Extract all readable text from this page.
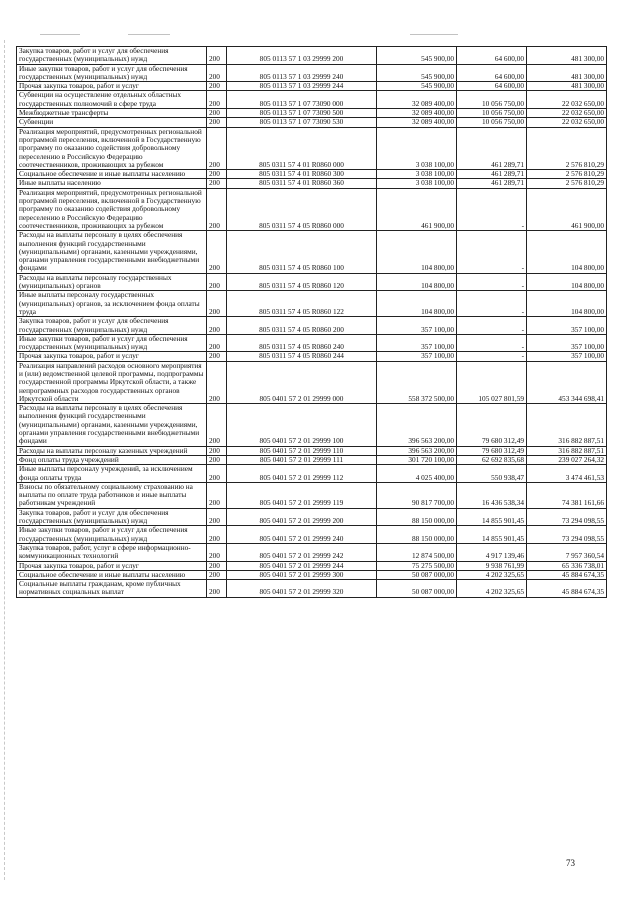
Закупка товаров, работ и услуг для обеспечения государственных (муниципальных) нужд	200	805 0113 57 1 03 29999 200	545 900,00	64 600,00	481 300,00
Иные закупки товаров, работ и услуг для обеспечения государственных (муниципальных) нужд	200	805 0113 57 1 03 29999 240	545 900,00	64 600,00	481 300,00
Прочая закупка товаров, работ и услуг	200	805 0113 57 1 03 29999 244	545 900,00	64 600,00	481 300,00
Субвенции на осуществление отдельных областных государственных полномочий в сфере труда	200	805 0113 57 1 07 73090 000	32 089 400,00	10 056 750,00	22 032 650,00
Межбюджетные трансферты	200	805 0113 57 1 07 73090 500	32 089 400,00	10 056 750,00	22 032 650,00
Субвенции	200	805 0113 57 1 07 73090 530	32 089 400,00	10 056 750,00	22 032 650,00
Реализация мероприятий, предусмотренных региональной программой переселения, включенной в Государственную программу по оказанию содействия добровольному переселению в Российскую Федерацию соотечественников, проживающих за рубежом	200	805 0311 57 4 01 R0860 000	3 038 100,00	461 289,71	2 576 810,29
Социальное обеспечение и иные выплаты населению	200	805 0311 57 4 01 R0860 300	3 038 100,00	461 289,71	2 576 810,29
Иные выплаты населению	200	805 0311 57 4 01 R0860 360	3 038 100,00	461 289,71	2 576 810,29
Реализация мероприятий, предусмотренных региональной программой переселения, включенной в Государственную программу по оказанию содействия добровольному переселению в Российскую Федерацию соотечественников, проживающих за рубежом	200	805 0311 57 4 05 R0860 000	461 900,00	-	461 900,00
Расходы на выплаты персоналу в целях обеспечения выполнения функций государственными (муниципальными) органами, казенными учреждениями, органами управления государственными внебюджетными фондами	200	805 0311 57 4 05 R0860 100	104 800,00	-	104 800,00
Расходы на выплаты персоналу государственных (муниципальных) органов	200	805 0311 57 4 05 R0860 120	104 800,00	-	104 800,00
Иные выплаты персоналу государственных (муниципальных) органов, за исключением фонда оплаты труда	200	805 0311 57 4 05 R0860 122	104 800,00	-	104 800,00
Закупка товаров, работ и услуг для обеспечения государственных (муниципальных) нужд	200	805 0311 57 4 05 R0860 200	357 100,00	-	357 100,00
Иные закупки товаров, работ и услуг для обеспечения государственных (муниципальных) нужд	200	805 0311 57 4 05 R0860 240	357 100,00	-	357 100,00
Прочая закупка товаров, работ и услуг	200	805 0311 57 4 05 R0860 244	357 100,00	-	357 100,00
Реализация направлений расходов основного мероприятия и (или) ведомственной целевой программы, подпрограммы государственной программы Иркутской области, а также непрограммных расходов государственных органов Иркутской области	200	805 0401 57 2 01 29999 000	558 372 500,00	105 027 801,59	453 344 698,41
Расходы на выплаты персоналу в целях обеспечения выполнения функций государственными (муниципальными) органами, казенными учреждениями, органами управления государственными внебюджетными фондами	200	805 0401 57 2 01 29999 100	396 563 200,00	79 680 312,49	316 882 887,51
Расходы на выплаты персоналу казенных учреждений	200	805 0401 57 2 01 29999 110	396 563 200,00	79 680 312,49	316 882 887,51
Фонд оплаты труда учреждений	200	805 0401 57 2 01 29999 111	301 720 100,00	62 692 835,68	239 027 264,32
Иные выплаты персоналу учреждений, за исключением фонда оплаты труда	200	805 0401 57 2 01 29999 112	4 025 400,00	550 938,47	3 474 461,53
Взносы по обязательному социальному страхованию на выплаты по оплате труда работников и иные выплаты работникам учреждений	200	805 0401 57 2 01 29999 119	90 817 700,00	16 436 538,34	74 381 161,66
Закупка товаров, работ и услуг для обеспечения государственных (муниципальных) нужд	200	805 0401 57 2 01 29999 200	88 150 000,00	14 855 901,45	73 294 098,55
Иные закупки товаров, работ и услуг для обеспечения государственных (муниципальных) нужд	200	805 0401 57 2 01 29999 240	88 150 000,00	14 855 901,45	73 294 098,55
Закупка товаров, работ, услуг в сфере информационно-коммуникационных технологий	200	805 0401 57 2 01 29999 242	12 874 500,00	4 917 139,46	7 957 360,54
Прочая закупка товаров, работ и услуг	200	805 0401 57 2 01 29999 244	75 275 500,00	9 938 761,99	65 336 738,01
Социальное обеспечение и иные выплаты населению	200	805 0401 57 2 01 29999 300	50 087 000,00	4 202 325,65	45 884 674,35
Социальные выплаты гражданам, кроме публичных нормативных социальных выплат	200	805 0401 57 2 01 29999 320	50 087 000,00	4 202 325,65	45 884 674,35
73
